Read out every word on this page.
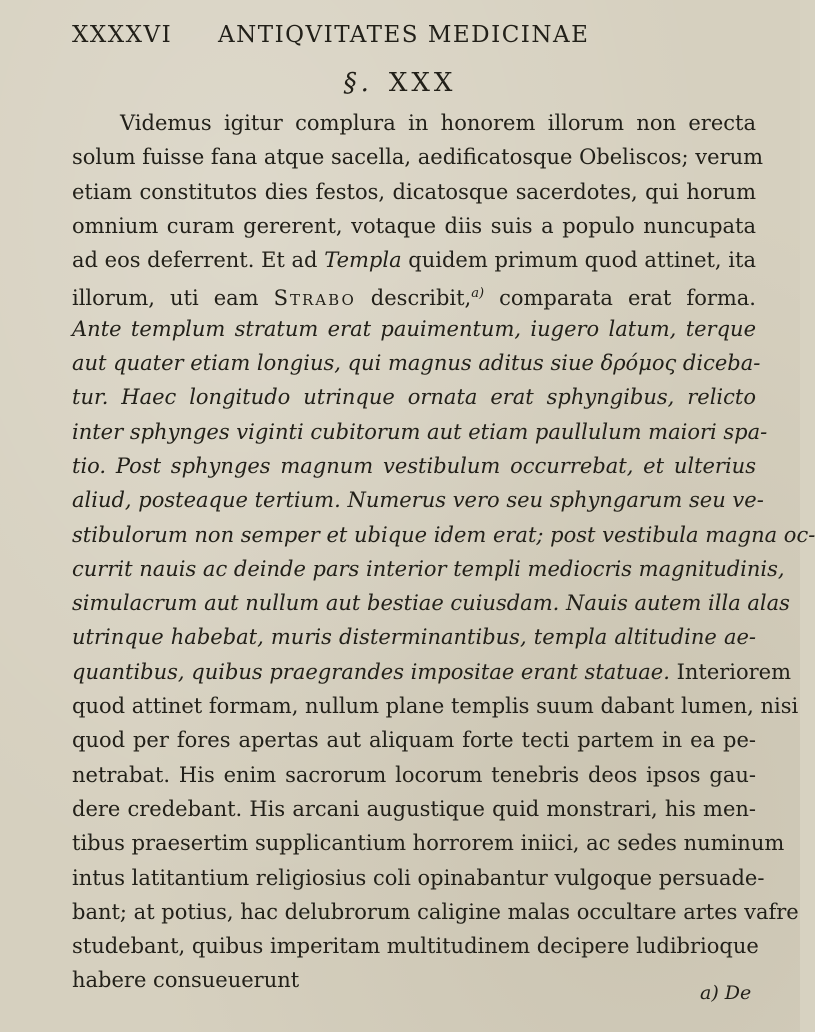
XXXXVI ANTIQVITATES MEDICINAE
§. XXX
Videmus igitur complura in honorem illorum non erecta
solum fuisse fana atque sacella, aedificatosque Obeliscos; verum
etiam constitutos dies festos, dicatosque sacerdotes, qui horum
omnium curam gererent, votaque diis suis a populo nuncupata
ad eos deferrent. Et ad Templa quidem primum quod attinet, ita
illorum, uti eam Strabo describit,$^{a)}$ comparata erat forma.
Ante templum stratum erat pauimentum, iugero latum, terque
aut quater etiam longius, qui magnus aditus siue δρόμος diceba-
tur. Haec longitudo utrinque ornata erat sphyngibus, relicto
inter sphynges viginti cubitorum aut etiam paullulum maiori spa-
tio. Post sphynges magnum vestibulum occurrebat, et ulterius
aliud, posteaque tertium. Numerus vero seu sphyngarum seu ve-
stibulorum non semper et ubique idem erat; post vestibula magna oc-
currit nauis ac deinde pars interior templi mediocris magnitudinis,
simulacrum aut nullum aut bestiae cuiusdam. Nauis autem illa alas
utrinque habebat, muris disterminantibus, templa altitudine ae-
quantibus, quibus praegrandes impositae erant statuae. Interiorem
quod attinet formam, nullum plane templis suum dabant lumen, nisi
quod per fores apertas aut aliquam forte tecti partem in ea pe-
netrabat. His enim sacrorum locorum tenebris deos ipsos gau-
dere credebant. His arcani augustique quid monstrari, his men-
tibus praesertim supplicantium horrorem iniici, ac sedes numinum
intus latitantium religiosius coli opinabantur vulgoque persuade-
bant; at potius, hac delubrorum caligine malas occultare artes vafre
studebant, quibus imperitam multitudinem decipere ludibrioque
habere consueuerunt
a) De
